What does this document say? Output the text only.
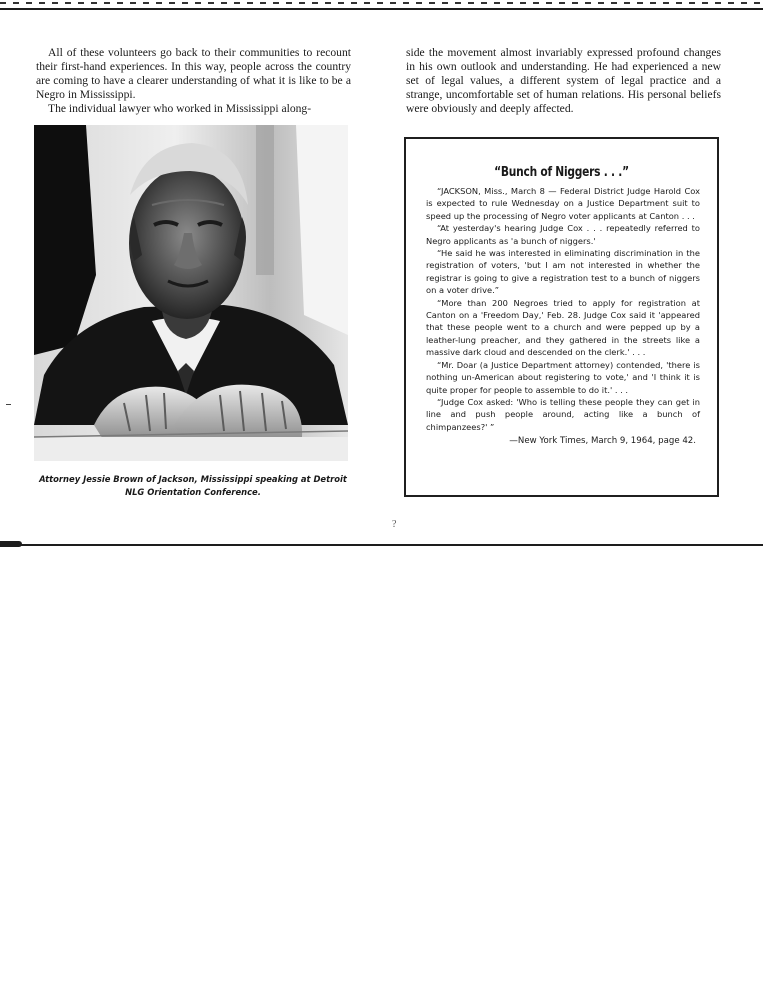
All of these volunteers go back to their communities to recount their first-hand experiences. In this way, people across the country are coming to have a clearer understanding of what it is like to be a Negro in Mississippi.

The individual lawyer who worked in Mississippi along-

side the movement almost invariably expressed profound changes in his own outlook and understanding. He had experienced a new set of legal values, a different system of legal practice and a strange, uncomfortable set of human relations. His personal beliefs were obviously and deeply affected.

Attorney Jessie Brown of Jackson, Mississippi speaking at Detroit NLG Orientation Conference.
“Bunch of Niggers . . .”

“JACKSON, Miss., March 8 — Federal District Judge Harold Cox is expected to rule Wednesday on a Justice Department suit to speed up the processing of Negro voter applicants at Canton . . .

“At yesterday's hearing Judge Cox . . . repeatedly referred to Negro applicants as 'a bunch of niggers.'

“He said he was interested in eliminating discrimination in the registration of voters, 'but I am not interested in whether the registrar is going to give a registration test to a bunch of niggers on a voter drive.”

“More than 200 Negroes tried to apply for registration at Canton on a 'Freedom Day,' Feb. 28. Judge Cox said it 'appeared that these people went to a church and were pepped up by a leather-lung preacher, and they gathered in the streets like a massive dark cloud and descended on the clerk.' . . .

“Mr. Doar (a Justice Department attorney) contended, 'there is nothing un-American about registering to vote,' and 'I think it is quite proper for people to assemble to do it.' . . .

“Judge Cox asked: 'Who is telling these people they can get in line and push people around, acting like a bunch of chimpanzees?' ”

—New York Times, March 9, 1964, page 42.

?
